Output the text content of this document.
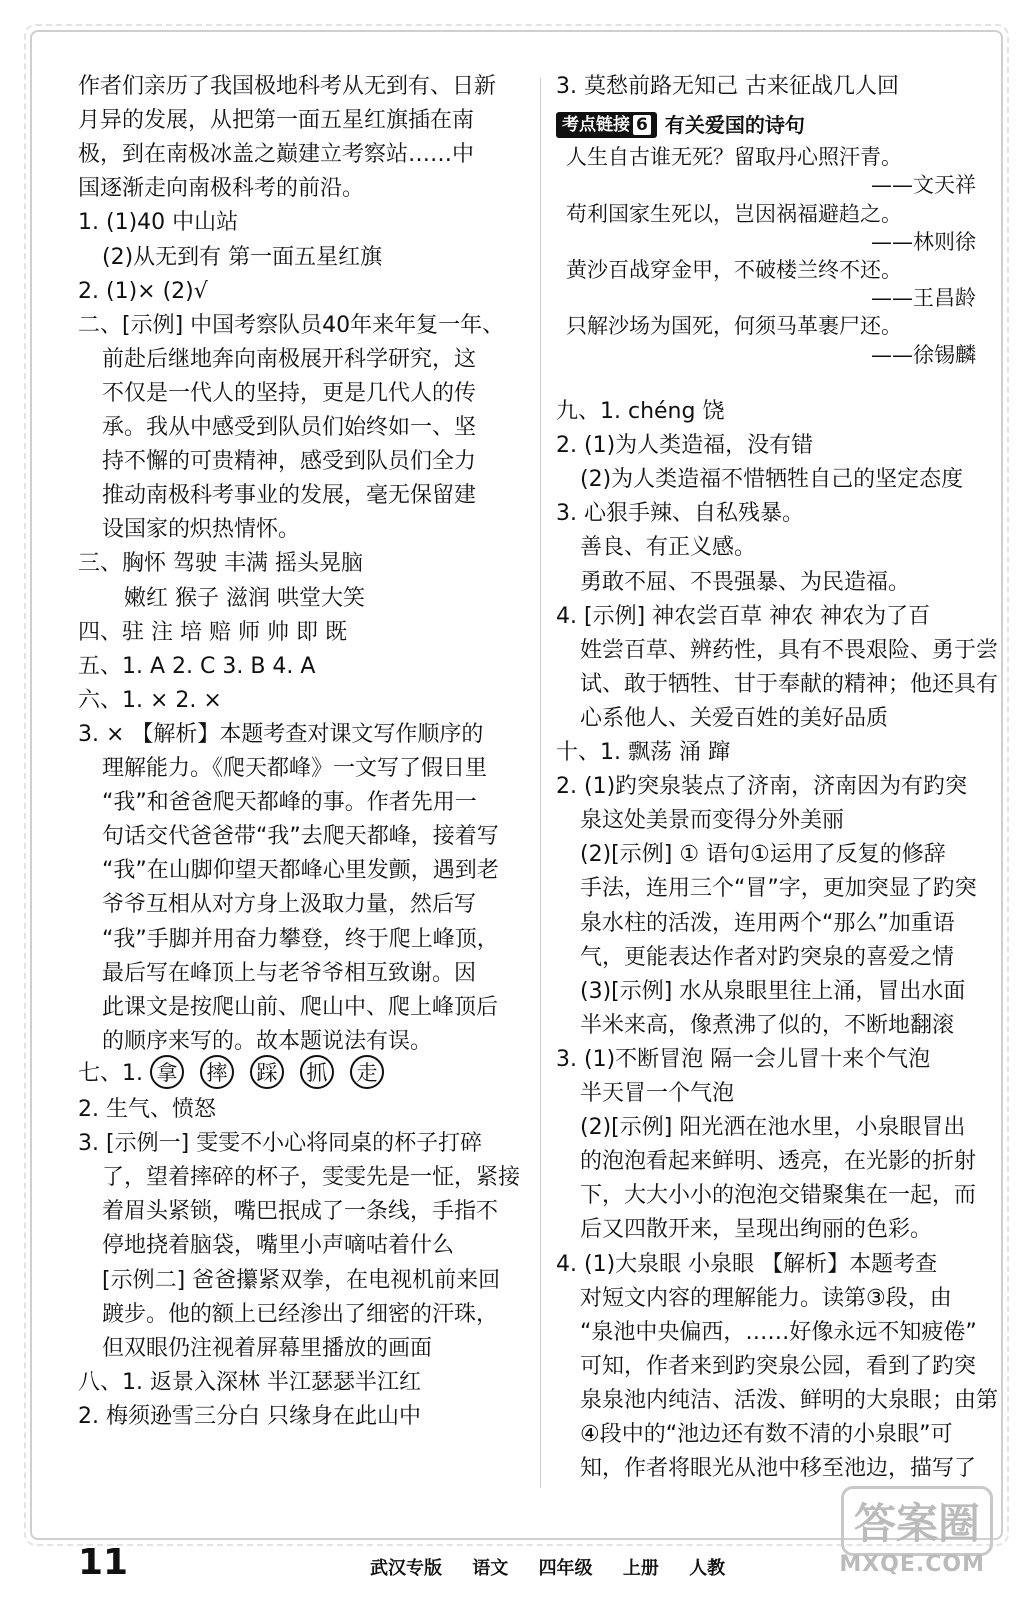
作者们亲历了我国极地科考从无到有、日新
月异的发展，从把第一面五星红旗插在南
极，到在南极冰盖之巅建立考察站……中
国逐渐走向南极科考的前沿。
1. (1)40 中山站
(2)从无到有 第一面五星红旗
2. (1)× (2)√
二、[示例] 中国考察队员40年来年复一年、
前赴后继地奔向南极展开科学研究，这
不仅是一代人的坚持，更是几代人的传
承。我从中感受到队员们始终如一、坚
持不懈的可贵精神，感受到队员们全力
推动南极科考事业的发展，毫无保留建
设国家的炽热情怀。
三、胸怀 驾驶 丰满 摇头晃脑
嫩红 猴子 滋润 哄堂大笑
四、驻 注 培 赔 师 帅 即 既
五、1. A 2. C 3. B 4. A
六、1. × 2. ×
3. × 【解析】本题考查对课文写作顺序的
理解能力。《爬天都峰》一文写了假日里
“我”和爸爸爬天都峰的事。作者先用一
句话交代爸爸带“我”去爬天都峰，接着写
“我”在山脚仰望天都峰心里发颤，遇到老
爷爷互相从对方身上汲取力量，然后写
“我”手脚并用奋力攀登，终于爬上峰顶，
最后写在峰顶上与老爷爷相互致谢。因
此课文是按爬山前、爬山中、爬上峰顶后
的顺序来写的。故本题说法有误。
七、1. 拿 摔 踩 抓 走
2. 生气、愤怒
3. [示例一] 雯雯不小心将同桌的杯子打碎
了，望着摔碎的杯子，雯雯先是一怔，紧接
着眉头紧锁，嘴巴抿成了一条线，手指不
停地挠着脑袋，嘴里小声嘀咕着什么
[示例二] 爸爸攥紧双拳，在电视机前来回
踱步。他的额上已经渗出了细密的汗珠，
但双眼仍注视着屏幕里播放的画面
八、1. 返景入深林 半江瑟瑟半江红
2. 梅须逊雪三分白 只缘身在此山中
3. 莫愁前路无知己 古来征战几人回
考点链接 6 有关爱国的诗句
人生自古谁无死？留取丹心照汗青。
——文天祥
苟利国家生死以，岂因祸福避趋之。
——林则徐
黄沙百战穿金甲，不破楼兰终不还。
——王昌龄
只解沙场为国死，何须马革裹尸还。
——徐锡麟
九、1. chéng 饶
2. (1)为人类造福，没有错
(2)为人类造福不惜牺牲自己的坚定态度
3. 心狠手辣、自私残暴。
善良、有正义感。
勇敢不屈、不畏强暴、为民造福。
4. [示例] 神农尝百草 神农 神农为了百
姓尝百草、辨药性，具有不畏艰险、勇于尝
试、敢于牺牲、甘于奉献的精神；他还具有
心系他人、关爱百姓的美好品质
十、1. 飘荡 涌 蹿
2. (1)趵突泉装点了济南，济南因为有趵突
泉这处美景而变得分外美丽
(2)[示例] ① 语句①运用了反复的修辞
手法，连用三个“冒”字，更加突显了趵突
泉水柱的活泼，连用两个“那么”加重语
气，更能表达作者对趵突泉的喜爱之情
(3)[示例] 水从泉眼里往上涌，冒出水面
半米来高，像煮沸了似的，不断地翻滚
3. (1)不断冒泡 隔一会儿冒十来个气泡
半天冒一个气泡
(2)[示例] 阳光洒在池水里，小泉眼冒出
的泡泡看起来鲜明、透亮，在光影的折射
下，大大小小的泡泡交错聚集在一起，而
后又四散开来，呈现出绚丽的色彩。
4. (1)大泉眼 小泉眼 【解析】本题考查
对短文内容的理解能力。读第③段，由
“泉池中央偏西，……好像永远不知疲倦”
可知，作者来到趵突泉公园，看到了趵突
泉泉池内纯洁、活泼、鲜明的大泉眼；由第
④段中的“池边还有数不清的小泉眼”可
知，作者将眼光从池中移至池边，描写了
11	武汉专版 语文 四年级 上册 人教
答案圈
MXQE.COM
